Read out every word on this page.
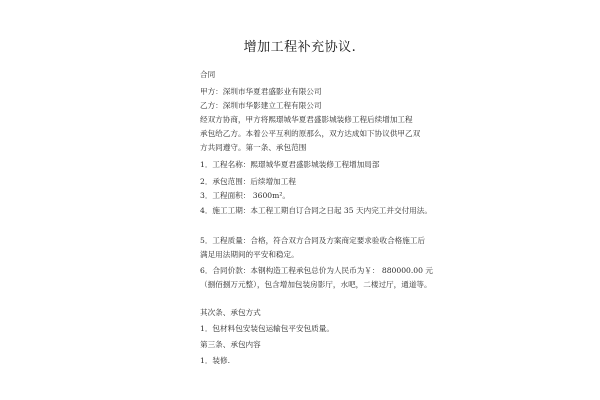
增加工程补充协议.
合同
甲方：深圳市华夏君盛影业有限公司
乙方：深圳市华影建立工程有限公司
经双方协商，甲方将熙璟城华夏君盛影城装修工程后续增加工程
承包给乙方。本着公平互利的原那么，双方达成如下协议供甲乙双
方共同遵守。第一条、承包范围
1．工程名称：熙璟城华夏君盛影城装修工程增加局部
2．承包范围：后续增加工程
3．工程面积： 3600m²。
4．施工工期：本工程工期自订合同之日起 35 天内完工并交付用法。
5．工程质量：合格，符合双方合同及方案商定要求验收合格施工后
满足用法期间的平安和稳定。
6．合同价款：本钢构造工程承包总价为人民币为￥： 880000.00 元
（捌佰捌万元整），包含增加包装房影厅，水吧，二楼过厅，通道等。
其次条、承包方式
1．包材料包安装包运输包平安包质量。
第三条、承包内容
1．装修.
